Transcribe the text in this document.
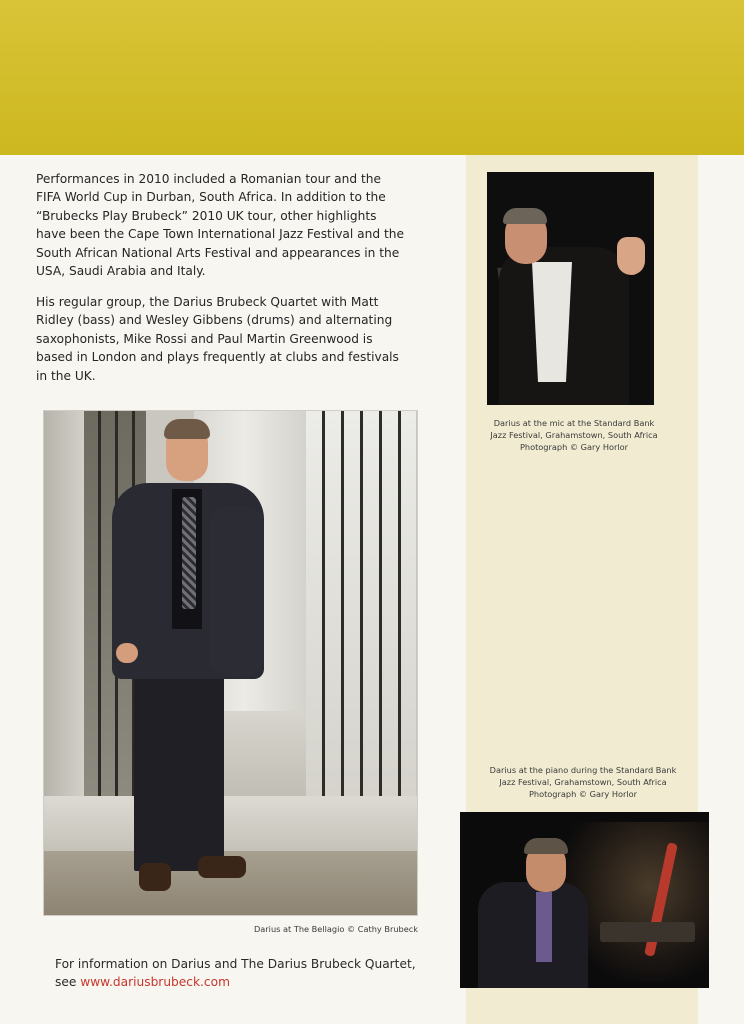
Performances in 2010 included a Romanian tour and the FIFA World Cup in Durban, South Africa. In addition to the “Brubecks Play Brubeck” 2010 UK tour, other highlights have been the Cape Town International Jazz Festival and the South African National Arts Festival and appearances in the USA, Saudi Arabia and Italy.

His regular group, the Darius Brubeck Quartet with Matt Ridley (bass) and Wesley Gibbens (drums) and alternating saxophonists, Mike Rossi and Paul Martin Greenwood is based in London and plays frequently at clubs and festivals in the UK.

Darius at the mic at the Standard Bank
Jazz Festival, Grahamstown, South Africa
Photograph © Gary Horlor

Darius at The Bellagio © Cathy Brubeck

Darius at the piano during the Standard Bank
Jazz Festival, Grahamstown, South Africa
Photograph © Gary Horlor

For information on Darius and The Darius Brubeck Quartet,
see www.dariusbrubeck.com
